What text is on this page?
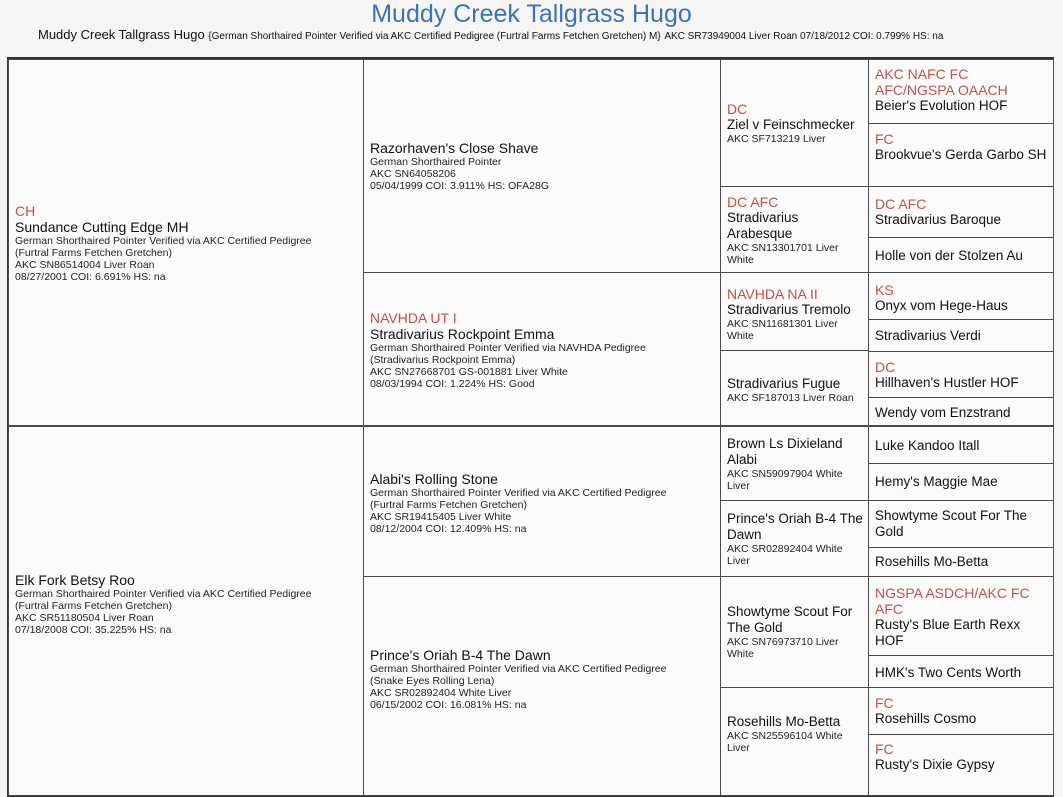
Muddy Creek Tallgrass Hugo
Muddy Creek Tallgrass Hugo {German Shorthaired Pointer Verified via AKC Certified Pedigree (Furtral Farms Fetchen Gretchen) M} AKC SR73949004 Liver Roan 07/18/2012 COI: 0.799% HS: na
CH
Sundance Cutting Edge MH
German Shorthaired Pointer Verified via AKC Certified Pedigree
(Furtral Farms Fetchen Gretchen)
AKC SN86514004 Liver Roan
08/27/2001 COI: 6.691% HS: na
Elk Fork Betsy Roo
German Shorthaired Pointer Verified via AKC Certified Pedigree
(Furtral Farms Fetchen Gretchen)
AKC SR51180504 Liver Roan
07/18/2008 COI: 35.225% HS: na
Razorhaven's Close Shave
German Shorthaired Pointer
AKC SN64058206
05/04/1999 COI: 3.911% HS: OFA28G
NAVHDA UT I
Stradivarius Rockpoint Emma
German Shorthaired Pointer Verified via NAVHDA Pedigree
(Stradivarius Rockpoint Emma)
AKC SN27668701 GS-001881 Liver White
08/03/1994 COI: 1.224% HS: Good
Alabi's Rolling Stone
German Shorthaired Pointer Verified via AKC Certified Pedigree
(Furtral Farms Fetchen Gretchen)
AKC SR19415405 Liver White
08/12/2004 COI: 12.409% HS: na
Prince's Oriah B-4 The Dawn
German Shorthaired Pointer Verified via AKC Certified Pedigree
(Snake Eyes Rolling Lena)
AKC SR02892404 White Liver
06/15/2002 COI: 16.081% HS: na
DC
Ziel v Feinschmecker
AKC SF713219 Liver
DC AFC
Stradivarius Arabesque
AKC SN13301701 Liver White
NAVHDA NA II
Stradivarius Tremolo
AKC SN11681301 Liver White
Stradivarius Fugue
AKC SF187013 Liver Roan
Brown Ls Dixieland Alabi
AKC SN59097904 White Liver
Prince's Oriah B-4 The Dawn
AKC SR02892404 White Liver
Showtyme Scout For The Gold
AKC SN76973710 Liver White
Rosehills Mo-Betta
AKC SN25596104 White Liver
AKC NAFC FC AFC/NGSPA OAACH
Beier's Evolution HOF
FC
Brookvue's Gerda Garbo SH
DC AFC
Stradivarius Baroque
Holle von der Stolzen Au
KS
Onyx vom Hege-Haus
Stradivarius Verdi
DC
Hillhaven's Hustler HOF
Wendy vom Enzstrand
Luke Kandoo Itall
Hemy's Maggie Mae
Showtyme Scout For The Gold
Rosehills Mo-Betta
NGSPA ASDCH/AKC FC AFC
Rusty's Blue Earth Rexx HOF
HMK's Two Cents Worth
FC
Rosehills Cosmo
FC
Rusty's Dixie Gypsy
